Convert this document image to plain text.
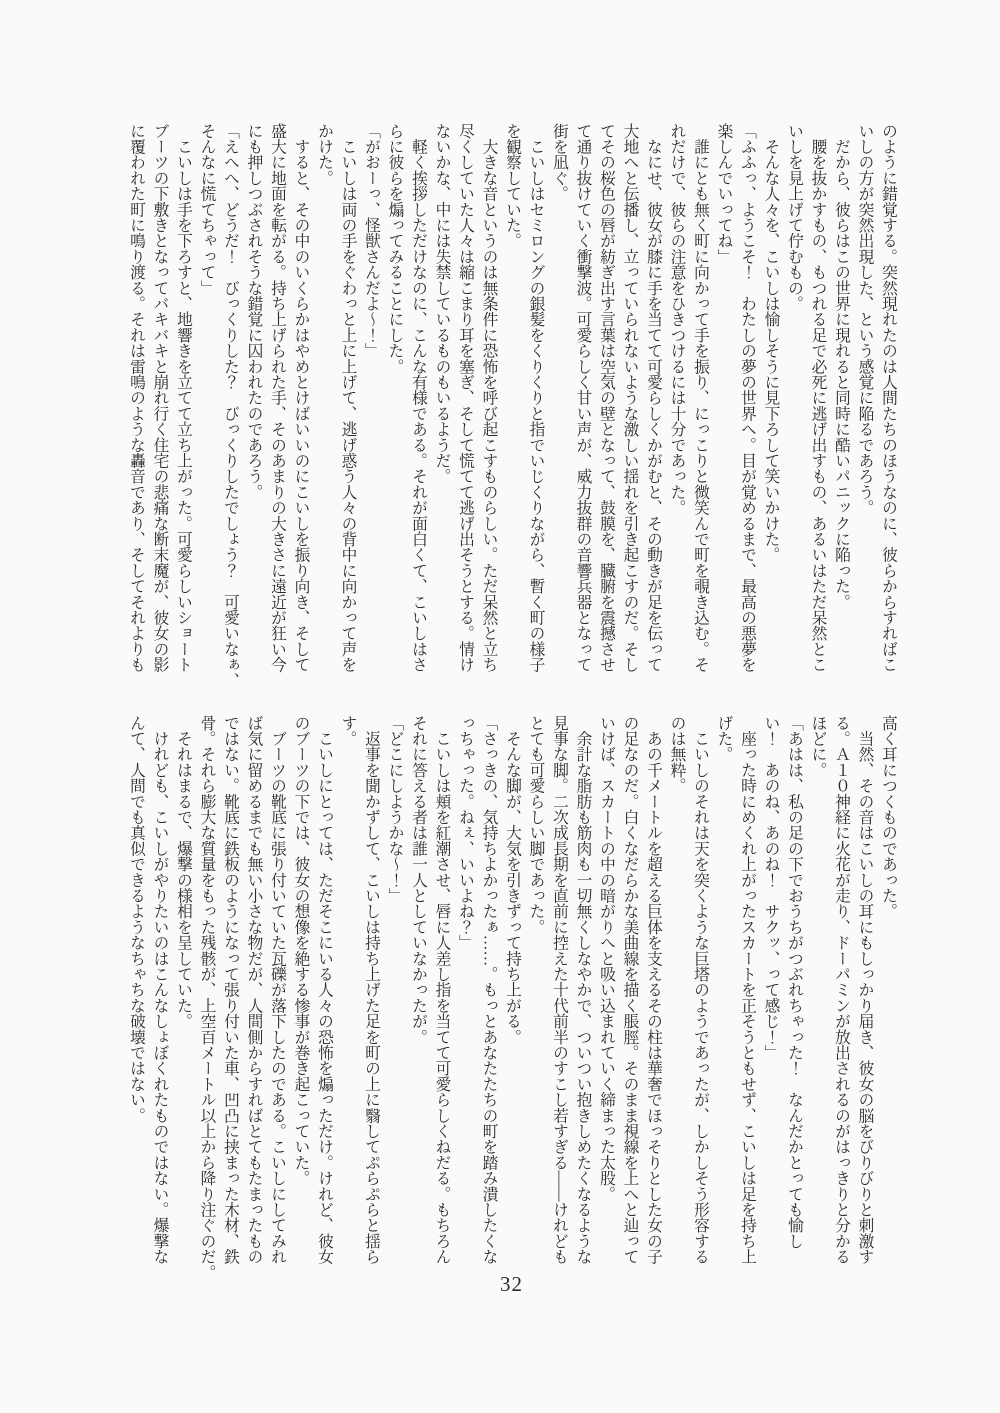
のように錯覚する。突然現れたのは人間たちのほうなのに、彼らからすればこ
いしの方が突然出現した、という感覚に陥るであろう。
　だから、彼らはこの世界に現れると同時に酷いパニックに陥った。
　腰を抜かすもの、もつれる足で必死に逃げ出すもの、あるいはただ呆然とこ
いしを見上げて佇むもの。
　そんな人々を、こいしは愉しそうに見下ろして笑いかけた。
「ふふっ、ようこそ！　わたしの夢の世界へ。目が覚めるまで、最高の悪夢を
楽しんでいってね」
　誰にとも無く町に向かって手を振り、にっこりと微笑んで町を覗き込む。そ
れだけで、彼らの注意をひきつけるには十分であった。
　なにせ、彼女が膝に手を当てて可愛らしくかがむと、その動きが足を伝って
大地へと伝播し、立っていられないような激しい揺れを引き起こすのだ。そし
てその桜色の唇が紡ぎ出す言葉は空気の壁となって、鼓膜を、臓腑を震撼させ
て通り抜けていく衝撃波。可愛らしく甘い声が、威力抜群の音響兵器となって
街を凪ぐ。
　こいしはセミロングの銀髪をくりくりと指でいじくりながら、暫く町の様子
を観察していた。
　大きな音というのは無条件に恐怖を呼び起こすものらしい。ただ呆然と立ち
尽くしていた人々は縮こまり耳を塞ぎ、そして慌てて逃げ出そうとする。情け
ないかな、中には失禁しているものもいるようだ。
　軽く挨拶しただけなのに、こんな有様である。それが面白くて、こいしはさ
らに彼らを煽ってみることにした。
「がおーっ、怪獣さんだよ～！」
　こいしは両の手をぐわっと上に上げて、逃げ惑う人々の背中に向かって声を
かけた。
　すると、その中のいくらかはやめとけばいいのにこいしを振り向き、そして
盛大に地面を転がる。持ち上げられた手、そのあまりの大きさに遠近が狂い今
にも押しつぶされそうな錯覚に囚われたのであろう。
「えへへ、どうだ！　びっくりした？　びっくりしたでしょう？　可愛いなぁ、
そんなに慌てちゃって」
　こいしは手を下ろすと、地響きを立てて立ち上がった。可愛らしいショート
ブーツの下敷きとなってバキバキと崩れ行く住宅の悲痛な断末魔が、彼女の影
に覆われた町に鳴り渡る。それは雷鳴のような轟音であり、そしてそれよりも
高く耳につくものであった。
　当然、その音はこいしの耳にもしっかり届き、彼女の脳をびりびりと刺激す
る。Ａ１０神経に火花が走り、ドーパミンが放出されるのがはっきりと分かる
ほどに。
「あはは、私の足の下でおうちがつぶれちゃった！　なんだかとっても愉し
い！　あのね、あのね！　サクッ、って感じ！」
　座った時にめくれ上がったスカートを正そうともせず、こいしは足を持ち上
げた。
　こいしのそれは天を突くような巨塔のようであったが、しかしそう形容する
のは無粋。
　あの千メートルを超える巨体を支えるその柱は華奢でほっそりとした女の子
の足なのだ。白くなだらかな美曲線を描く脹脛。そのまま視線を上へと辿って
いけば、スカートの中の暗がりへと吸い込まれていく締まった太股。
　余計な脂肪も筋肉も一切無くしなやかで、ついつい抱きしめたくなるような
見事な脚。二次成長期を直前に控えた十代前半のすこし若すぎる――けれども
とても可愛らしい脚であった。
　そんな脚が、大気を引きずって持ち上がる。
「さっきの、気持ちよかったぁ……。もっとあなたたちの町を踏み潰したくな
っちゃった。ねぇ、いいよね？」
　こいしは頬を紅潮させ、唇に人差し指を当てて可愛らしくねだる。もちろん
それに答える者は誰一人としていなかったが。
「どこにしようかな～！」
　返事を聞かずして、こいしは持ち上げた足を町の上に翳してぷらぷらと揺ら
す。
　こいしにとっては、ただそこにいる人々の恐怖を煽っただけ。けれど、彼女
のブーツの下では、彼女の想像を絶する惨事が巻き起こっていた。
　ブーツの靴底に張り付いていた瓦礫が落下したのである。こいしにしてみれ
ば気に留めるまでも無い小さな物だが、人間側からすればとてもたまったもの
ではない。靴底に鉄板のようになって張り付いた車、凹凸に挟まった木材、鉄
骨。それら膨大な質量をもった残骸が、上空百メートル以上から降り注ぐのだ。
　それはまるで、爆撃の様相を呈していた。
　けれども、こいしがやりたいのはこんなしょぼくれたものではない。爆撃な
んて、人間でも真似できるようなちゃちな破壊ではない。
32
